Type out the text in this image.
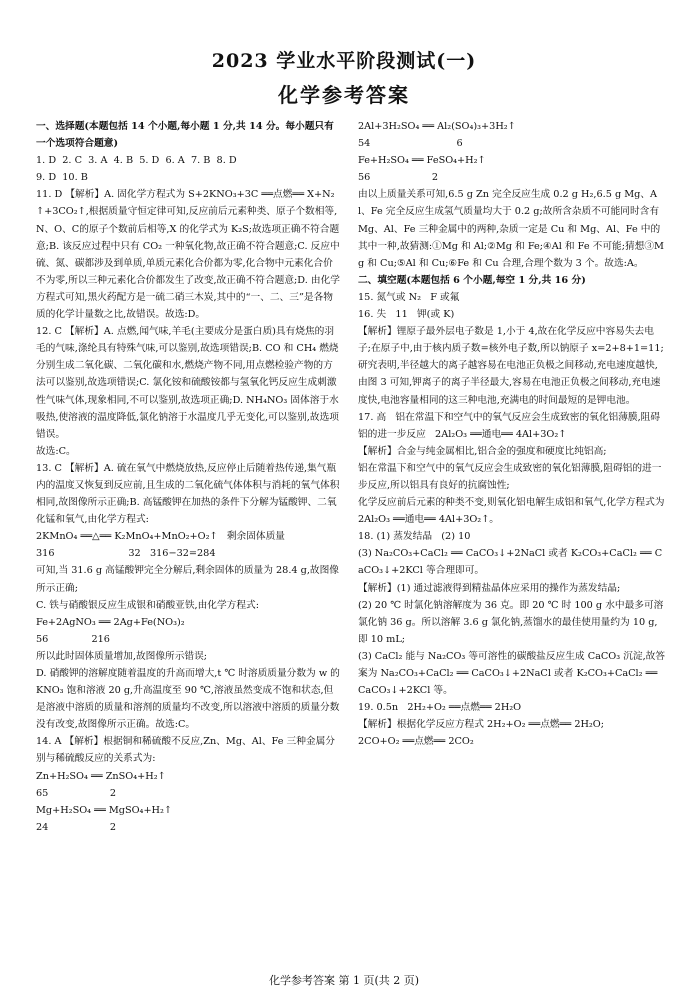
2023 学业水平阶段测试(一)
化学参考答案

一、选择题(本题包括 14 个小题,每小题 1 分,共 14 分。每小题只有一个选项符合题意)

1. D  2. C  3. A  4. B  5. D  6. A  7. B  8. D

9. D  10. B

11. D 【解析】A. 固化学方程式为 S+2KNO₃+3C ══点燃══ X+N₂↑+3CO₂↑,根据质量守恒定律可知,反应前后元素种类、原子个数相等,N、O、C的原子个数前后相等,X 的化学式为 K₂S;故选项正确不符合题意;B. 该反应过程中只有 CO₂ 一种氧化物,故正确不符合题意;C. 反应中硫、氮、碳都涉及到单质,单质元素化合价都为零,化合物中元素化合价不为零,所以三种元素化合价都发生了改变,故正确不符合题意;D. 由化学方程式可知,黑火药配方是一硫二硝三木炭,其中的“一、二、三”是各物质的化学计量数之比,故错误。故选:D。

12. C 【解析】A. 点燃,闻气味,羊毛(主要成分是蛋白质)具有烧焦的羽毛的气味,涤纶具有特殊气味,可以鉴别,故选项错误;B. CO 和 CH₄ 燃烧分别生成二氧化碳、二氧化碳和水,燃烧产物不同,用点燃检验产物的方法可以鉴别,故选项错误;C. 氯化铵和硫酸铵都与氢氧化钙反应生成刺激性气味气体,现象相同,不可以鉴别,故选项正确;D. NH₄NO₃ 固体溶于水吸热,使溶液的温度降低,氯化钠溶于水温度几乎无变化,可以鉴别,故选项错误。

故选:C。

13. C 【解析】A. 硫在氧气中燃烧放热,反应停止后随着热传递,集气瓶内的温度又恢复到反应前,且生成的二氧化硫气体体积与消耗的氧气体积相同,故图像所示正确;B. 高锰酸钾在加热的条件下分解为锰酸钾、二氧化锰和氧气,由化学方程式:

2KMnO₄ ══△══ K₂MnO₄+MnO₂+O₂↑   剩余固体质量

316                        32   316−32=284

可知,当 31.6 g 高锰酸钾完全分解后,剩余固体的质量为 28.4 g,故图像所示正确;

C. 铁与硝酸银反应生成银和硝酸亚铁,由化学方程式:

Fe+2AgNO₃ ══ 2Ag+Fe(NO₃)₂

56              216

所以此时固体质量增加,故图像所示错误;

D. 硝酸钾的溶解度随着温度的升高而增大,t ℃ 时溶质质量分数为 w 的 KNO₃ 饱和溶液 20 g,升高温度至 90 ℃,溶液虽然变成不饱和状态,但是溶液中溶质的质量和溶剂的质量均不改变,所以溶液中溶质的质量分数没有改变,故图像所示正确。故选:C。

14. A 【解析】根据铜和稀硫酸不反应,Zn、Mg、Al、Fe 三种金属分别与稀硫酸反应的关系式为:

Zn+H₂SO₄ ══ ZnSO₄+H₂↑

65                    2

Mg+H₂SO₄ ══ MgSO₄+H₂↑

24                    2

2Al+3H₂SO₄ ══ Al₂(SO₄)₃+3H₂↑

54                            6

Fe+H₂SO₄ ══ FeSO₄+H₂↑

56                    2

由以上质量关系可知,6.5 g Zn 完全反应生成 0.2 g H₂,6.5 g Mg、Al、Fe 完全反应生成氢气质量均大于 0.2 g;故所含杂质不可能同时含有 Mg、Al、Fe 三种金属中的两种,杂质一定是 Cu 和 Mg、Al、Fe 中的其中一种,故猜测:①Mg 和 Al;②Mg 和 Fe;④Al 和 Fe 不可能;猜想③Mg 和 Cu;⑤Al 和 Cu;⑥Fe 和 Cu 合理,合理个数为 3 个。故选:A。

二、填空题(本题包括 6 个小题,每空 1 分,共 16 分)

15. 氮气或 N₂   F 或氟

16. 失   11   钾(或 K)

【解析】锂原子最外层电子数是 1,小于 4,故在化学反应中容易失去电子;在原子中,由于核内质子数=核外电子数,所以钠原子 x=2+8+1=11;研究表明,半径越大的离子越容易在电池正负极之间移动,充电速度越快,由图 3 可知,钾离子的离子半径最大,容易在电池正负极之间移动,充电速度快,电池容量相同的这三种电池,充满电的时间最短的是钾电池。

17. 高   铝在常温下和空气中的氧气反应会生成致密的氧化铝薄膜,阻碍铝的进一步反应   2Al₂O₃ ══通电══ 4Al+3O₂↑

【解析】合金与纯金属相比,铝合金的强度和硬度比纯铝高;

铝在常温下和空气中的氧气反应会生成致密的氧化铝薄膜,阻碍铝的进一步反应,所以铝具有良好的抗腐蚀性;

化学反应前后元素的种类不变,则氧化铝电解生成铝和氧气,化学方程式为 2Al₂O₃ ══通电══ 4Al+3O₂↑。

18. (1) 蒸发结晶   (2) 10

(3) Na₂CO₃+CaCl₂ ══ CaCO₃↓+2NaCl 或者 K₂CO₃+CaCl₂ ══ CaCO₃↓+2KCl 等合理即可。

【解析】(1) 通过滤液得到精盐晶体应采用的操作为蒸发结晶;

(2) 20 ℃ 时氯化钠溶解度为 36 克。即 20 ℃ 时 100 g 水中最多可溶氯化钠 36 g。所以溶解 3.6 g 氯化钠,蒸馏水的最佳使用量约为 10 g,即 10 mL;

(3) CaCl₂ 能与 Na₂CO₃ 等可溶性的碳酸盐反应生成 CaCO₃ 沉淀,故答案为 Na₂CO₃+CaCl₂ ══ CaCO₃↓+2NaCl 或者 K₂CO₃+CaCl₂ ══ CaCO₃↓+2KCl 等。

19. 0.5n   2H₂+O₂ ══点燃══ 2H₂O

【解析】根据化学反应方程式 2H₂+O₂ ══点燃══ 2H₂O;

2CO+O₂ ══点燃══ 2CO₂

化学参考答案 第 1 页(共 2 页)
